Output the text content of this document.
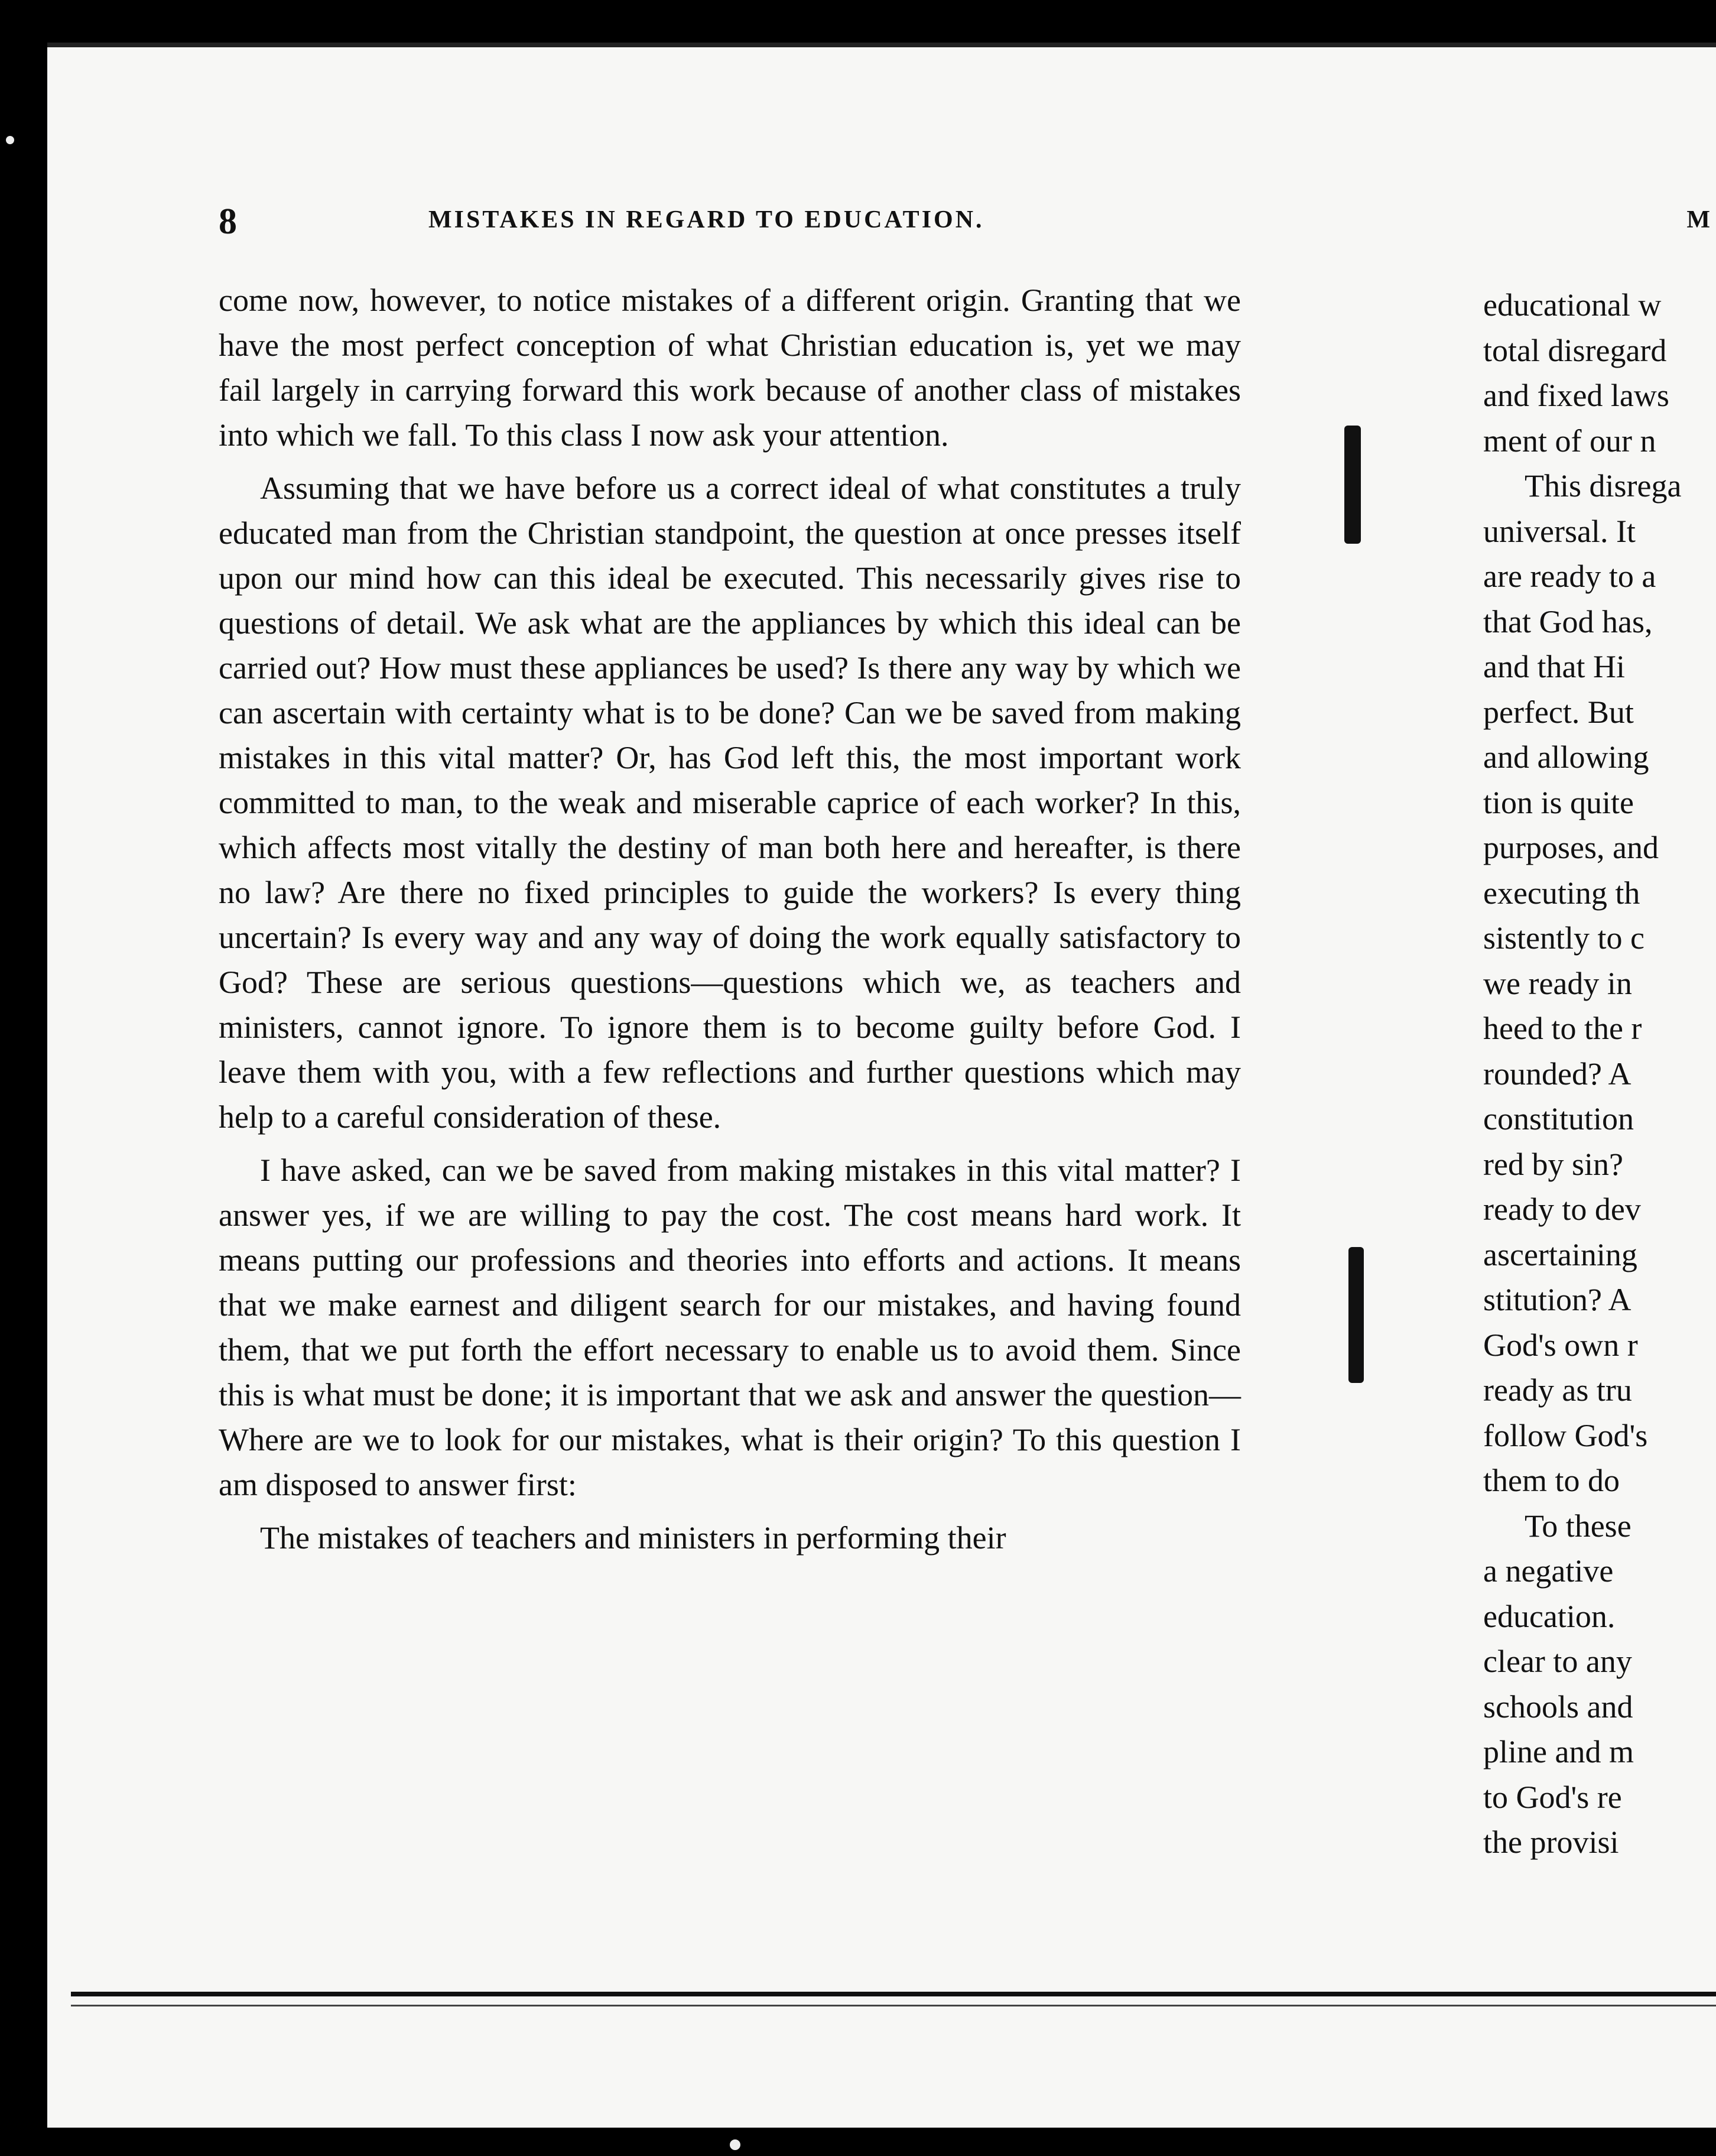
8	MISTAKES IN REGARD TO EDUCATION.

come now, however, to notice mistakes of a different origin. Granting that we have the most perfect conception of what Christian education is, yet we may fail largely in carrying forward this work because of another class of mistakes into which we fall. To this class I now ask your attention.

Assuming that we have before us a correct ideal of what constitutes a truly educated man from the Christian standpoint, the question at once presses itself upon our mind how can this ideal be executed. This necessarily gives rise to questions of detail. We ask what are the appliances by which this ideal can be carried out? How must these appliances be used? Is there any way by which we can ascertain with certainty what is to be done? Can we be saved from making mistakes in this vital matter? Or, has God left this, the most important work committed to man, to the weak and miserable caprice of each worker? In this, which affects most vitally the destiny of man both here and hereafter, is there no law? Are there no fixed principles to guide the workers? Is every thing uncertain? Is every way and any way of doing the work equally satisfactory to God? These are serious questions—questions which we, as teachers and ministers, cannot ignore. To ignore them is to become guilty before God. I leave them with you, with a few reflections and further questions which may help to a careful consideration of these.

I have asked, can we be saved from making mistakes in this vital matter? I answer yes, if we are willing to pay the cost. The cost means hard work. It means putting our professions and theories into efforts and actions. It means that we make earnest and diligent search for our mistakes, and having found them, that we put forth the effort necessary to enable us to avoid them. Since this is what must be done; it is important that we ask and answer the question—Where are we to look for our mistakes, what is their origin? To this question I am disposed to answer first:

The mistakes of teachers and ministers in performing their

M
educational w
total disregard
and fixed laws
ment of our n
This disrega
universal. It
are ready to a
that God has,
and that Hi
perfect. But
and allowing
tion is quite
purposes, and
executing th
sistently to c
we ready in
heed to the r
rounded? A
constitution
red by sin?
ready to dev
ascertaining
stitution? A
God's own r
ready as tru
follow God's
them to do
To these
a negative
education.
clear to any
schools and
pline and m
to God's re
the provisi
